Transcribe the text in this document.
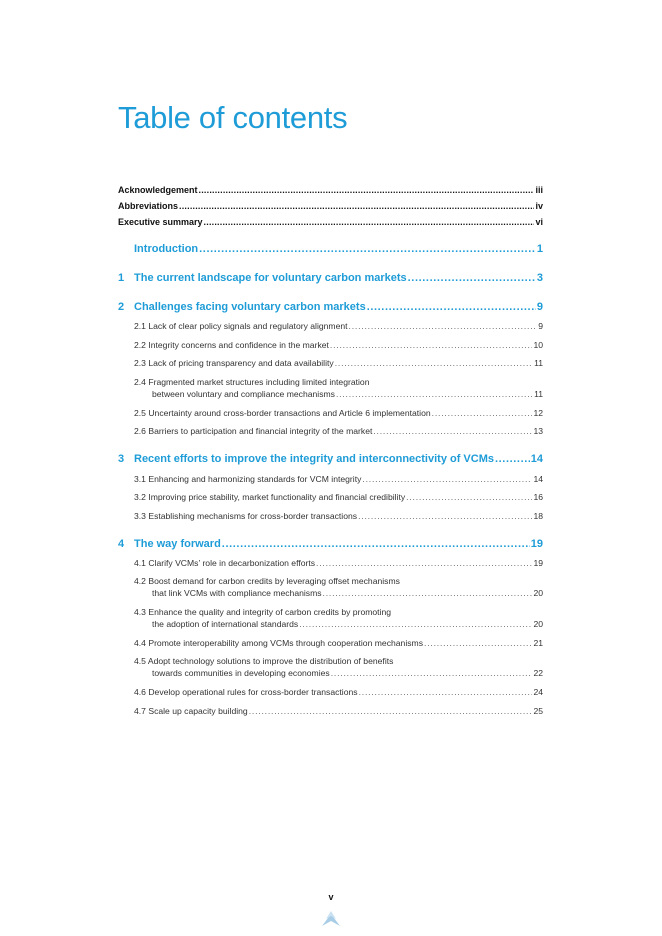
Table of contents
Acknowledgement .....	iii
Abbreviations .....	iv
Executive summary .....	vi
Introduction .....	1
1 The current landscape for voluntary carbon markets .....	3
2 Challenges facing voluntary carbon markets .....	9
2.1 Lack of clear policy signals and regulatory alignment .....	9
2.2 Integrity concerns and confidence in the market .....	10
2.3 Lack of pricing transparency and data availability .....	11
2.4 Fragmented market structures including limited integration
between voluntary and compliance mechanisms .....	11
2.5 Uncertainty around cross-border transactions and Article 6 implementation .....	12
2.6 Barriers to participation and financial integrity of the market .....	13
3 Recent efforts to improve the integrity and interconnectivity of VCMs .....	14
3.1 Enhancing and harmonizing standards for VCM integrity .....	14
3.2 Improving price stability, market functionality and financial credibility .....	16
3.3 Establishing mechanisms for cross-border transactions .....	18
4 The way forward .....	19
4.1 Clarify VCMs’ role in decarbonization efforts .....	19
4.2 Boost demand for carbon credits by leveraging offset mechanisms
that link VCMs with compliance mechanisms .....	20
4.3 Enhance the quality and integrity of carbon credits by promoting
the adoption of international standards .....	20
4.4 Promote interoperability among VCMs through cooperation mechanisms .....	21
4.5 Adopt technology solutions to improve the distribution of benefits
towards communities in developing economies .....	22
4.6 Develop operational rules for cross-border transactions .....	24
4.7 Scale up capacity building .....	25
v
